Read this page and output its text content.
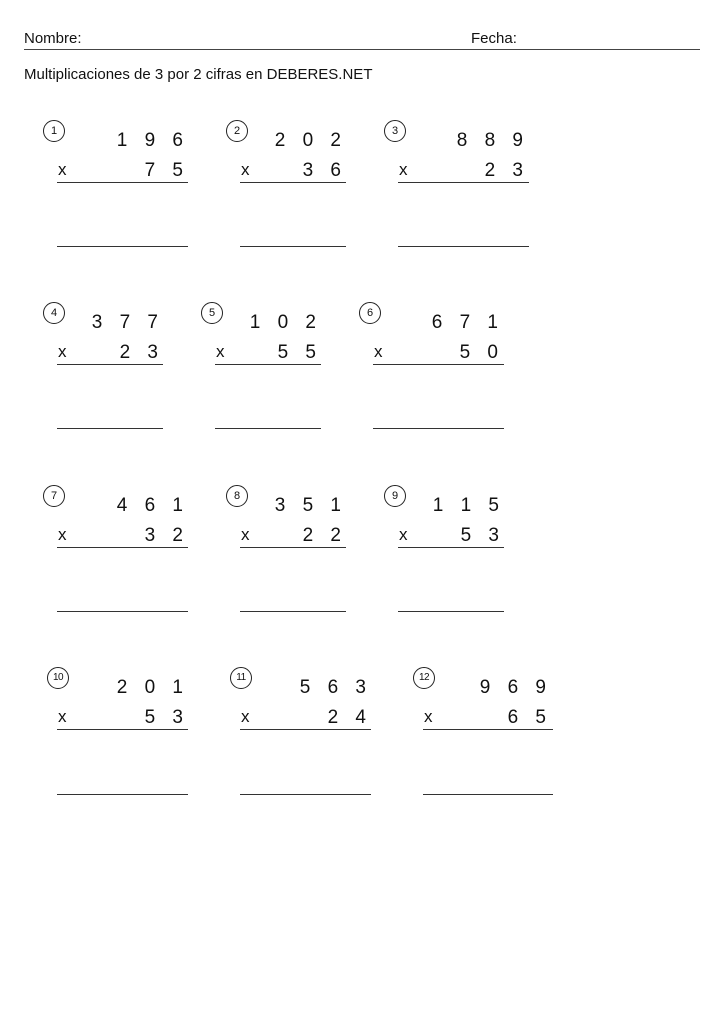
Nombre:	Fecha:
Multiplicaciones de 3 por 2 cifras en DEBERES.NET
1	1 9 6
x	7 5
2	2 0 2
x	3 6
3	8 8 9
x	2 3
4	3 7 7
x	2 3
5	1 0 2
x	5 5
6	6 7 1
x	5 0
7	4 6 1
x	3 2
8	3 5 1
x	2 2
9	1 1 5
x	5 3
10	2 0 1
x	5 3
11	5 6 3
x	2 4
12	9 6 9
x	6 5
